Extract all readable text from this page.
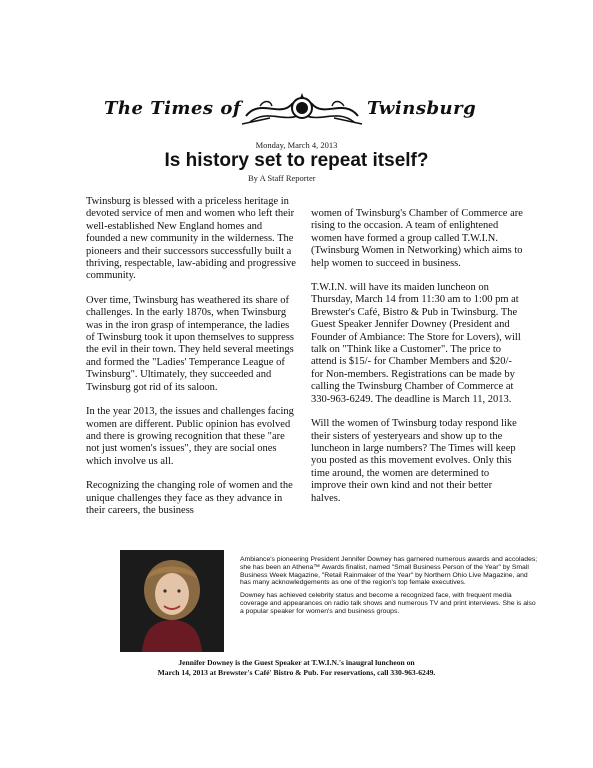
The Times of	Twinsburg
Monday, March 4, 2013
Is history set to repeat itself?
By A Staff Reporter

Twinsburg is blessed with a priceless heritage in devoted service of men and women who left their well-established New England homes and founded a new community in the wilderness. The pioneers and their successors successfully built a thriving, respectable, law-abiding and progressive community.

Over time, Twinsburg has weathered its share of challenges. In the early 1870s, when Twinsburg was in the iron grasp of intemperance, the ladies of Twinsburg took it upon themselves to suppress the evil in their town. They held several meetings and formed the "Ladies' Temperance League of Twinsburg". Ultimately, they succeeded and Twinsburg got rid of its saloon.

In the year 2013, the issues and challenges facing women are different. Public opinion has evolved and there is growing recognition that these "are not just women's issues", they are social ones which involve us all.

Recognizing the changing role of women and the unique challenges they face as they advance in their careers, the business

women of Twinsburg's Chamber of Commerce are rising to the occasion. A team of enlightened women have formed a group called T.W.I.N. (Twinsburg Women in Networking) which aims to help women to succeed in business.

T.W.I.N. will have its maiden luncheon on Thursday, March 14 from 11:30 am to 1:00 pm at Brewster's Café, Bistro & Pub in Twinsburg. The Guest Speaker Jennifer Downey (President and Founder of Ambiance: The Store for Lovers), will talk on "Think like a Customer". The price to attend is $15/- for Chamber Members and $20/- for Non-members. Registrations can be made by calling the Twinsburg Chamber of Commerce at 330-963-6249. The deadline is March 11, 2013.

Will the women of Twinsburg today respond like their sisters of yesteryears and show up to the luncheon in large numbers? The Times will keep you posted as this movement evolves. Only this time around, the women are determined to improve their own kind and not their better halves.

Ambiance's pioneering President Jennifer Downey has garnered numerous awards and accolades; she has been an Athena™ Awards finalist, named "Small Business Person of the Year" by Small Business Week Magazine, "Retail Rainmaker of the Year" by Northern Ohio Live Magazine, and has many acknowledgements as one of the region's top female executives.

Downey has achieved celebrity status and become a recognized face, with frequent media coverage and appearances on radio talk shows and numerous TV and print interviews. She is also a popular speaker for women's and business groups.

Jennifer Downey is the Guest Speaker at T.W.I.N.'s inaugral luncheon on
March 14, 2013 at Brewster's Café' Bistro & Pub. For reservations, call 330-963-6249.
